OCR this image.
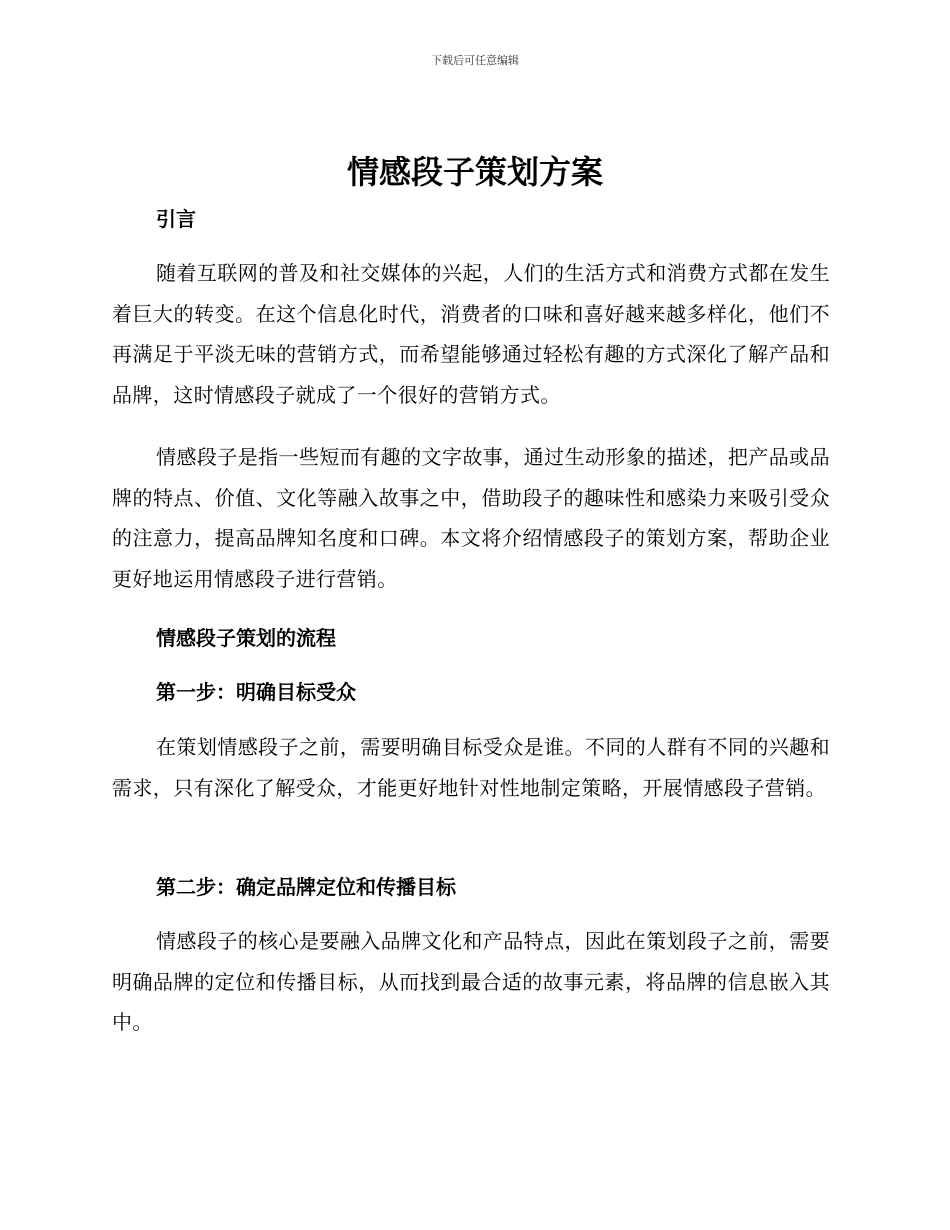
下载后可任意编辑
情感段子策划方案
引言

随着互联网的普及和社交媒体的兴起，人们的生活方式和消费方式都在发生着巨大的转变。在这个信息化时代，消费者的口味和喜好越来越多样化，他们不再满足于平淡无味的营销方式，而希望能够通过轻松有趣的方式深化了解产品和品牌，这时情感段子就成了一个很好的营销方式。

情感段子是指一些短而有趣的文字故事，通过生动形象的描述，把产品或品牌的特点、价值、文化等融入故事之中，借助段子的趣味性和感染力来吸引受众的注意力，提高品牌知名度和口碑。本文将介绍情感段子的策划方案，帮助企业更好地运用情感段子进行营销。

情感段子策划的流程
第一步：明确目标受众

在策划情感段子之前，需要明确目标受众是谁。不同的人群有不同的兴趣和需求，只有深化了解受众，才能更好地针对性地制定策略，开展情感段子营销。

第二步：确定品牌定位和传播目标

情感段子的核心是要融入品牌文化和产品特点，因此在策划段子之前，需要明确品牌的定位和传播目标，从而找到最合适的故事元素，将品牌的信息嵌入其中。
